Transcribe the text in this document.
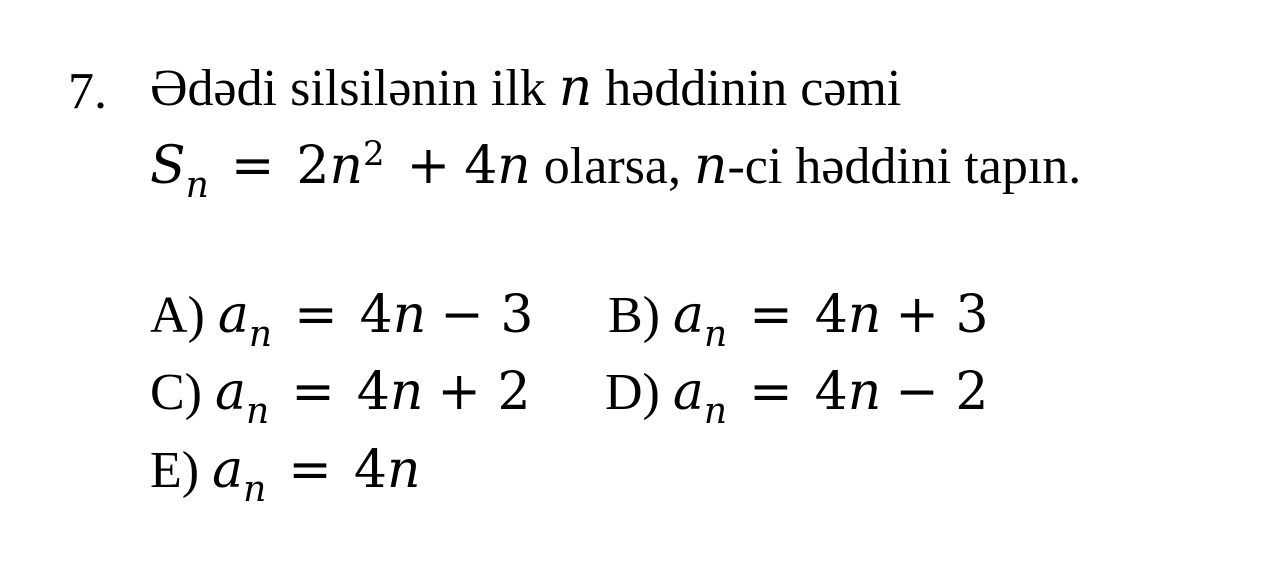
7. Ədədi silsilənin ilk n həddinin cəmi
$S_n = 2n^2 + 4n$ olarsa, n-ci həddini tapın.
A) $a_n = 4n - 3$ B) $a_n = 4n + 3$
C) $a_n = 4n + 2$ D) $a_n = 4n - 2$
E) $a_n = 4n$
